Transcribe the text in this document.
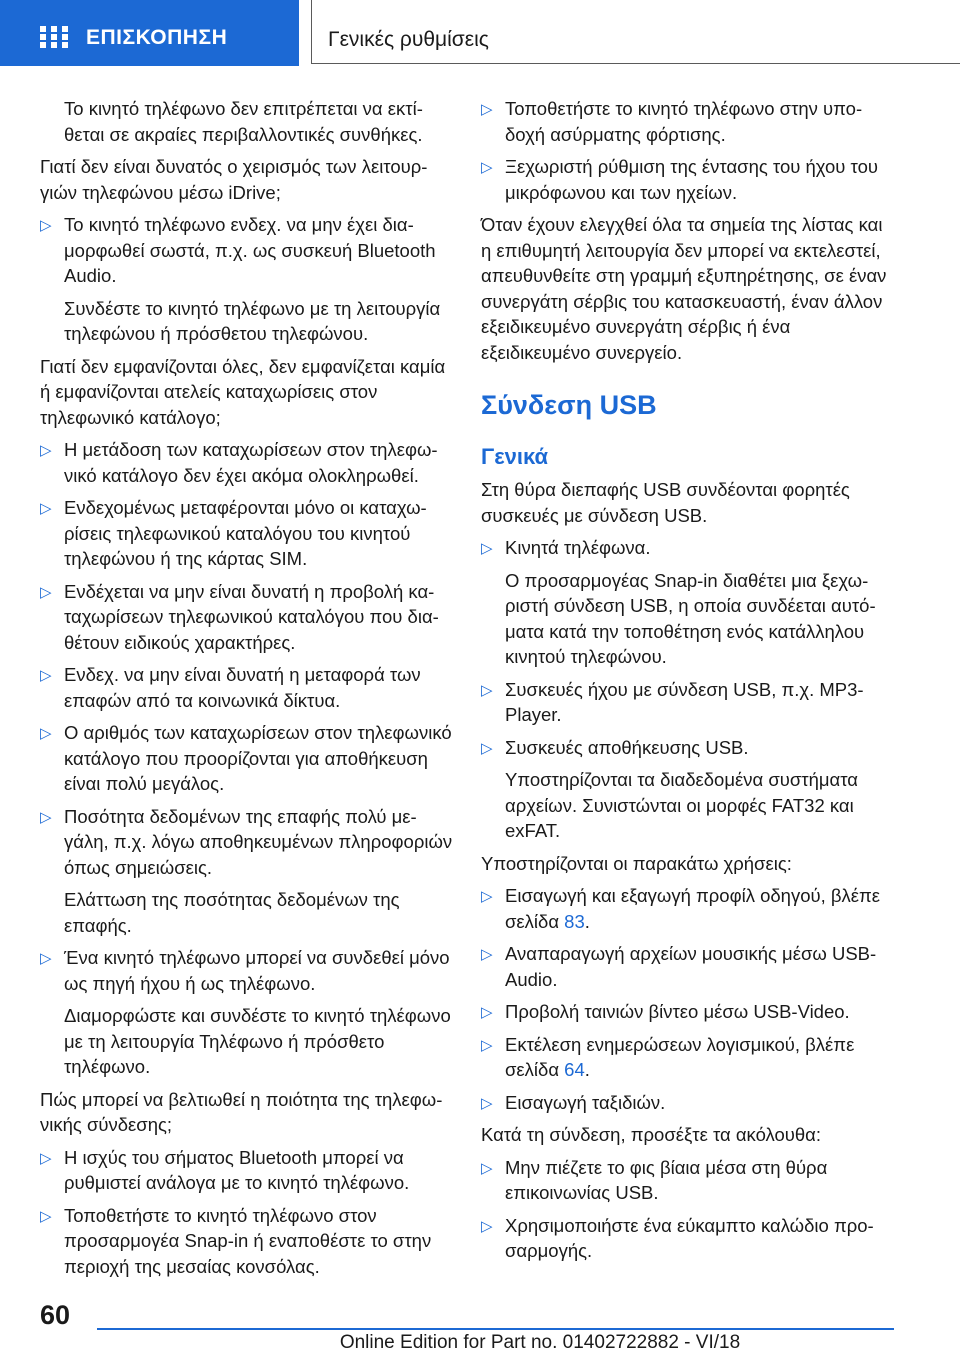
ΕΠΙΣΚΟΠΗΣΗ	Γενικές ρυθμίσεις

Το κινητό τηλέφωνο δεν επιτρέπεται να εκτίθεται σε ακραίες περιβαλλοντικές συνθήκες.

Γιατί δεν είναι δυνατός ο χειρισμός των λειτουργιών τηλεφώνου μέσω iDrive;

▷ Το κινητό τηλέφωνο ενδεχ. να μην έχει διαμορφωθεί σωστά, π.χ. ως συσκευή Bluetooth Audio.

Συνδέστε το κινητό τηλέφωνο με τη λειτουργία τηλεφώνου ή πρόσθετου τηλεφώνου.

Γιατί δεν εμφανίζονται όλες, δεν εμφανίζεται καμία ή εμφανίζονται ατελείς καταχωρίσεις στον τηλεφωνικό κατάλογο;

▷ Η μετάδοση των καταχωρίσεων στον τηλεφωνικό κατάλογο δεν έχει ακόμα ολοκληρωθεί.

▷ Ενδεχομένως μεταφέρονται μόνο οι καταχωρίσεις τηλεφωνικού καταλόγου του κινητού τηλεφώνου ή της κάρτας SIM.

▷ Ενδέχεται να μην είναι δυνατή η προβολή καταχωρίσεων τηλεφωνικού καταλόγου που διαθέτουν ειδικούς χαρακτήρες.

▷ Ενδεχ. να μην είναι δυνατή η μεταφορά των επαφών από τα κοινωνικά δίκτυα.

▷ Ο αριθμός των καταχωρίσεων στον τηλεφωνικό κατάλογο που προορίζονται για αποθήκευση είναι πολύ μεγάλος.

▷ Ποσότητα δεδομένων της επαφής πολύ μεγάλη, π.χ. λόγω αποθηκευμένων πληροφοριών όπως σημειώσεις.

Ελάττωση της ποσότητας δεδομένων της επαφής.

▷ Ένα κινητό τηλέφωνο μπορεί να συνδεθεί μόνο ως πηγή ήχου ή ως τηλέφωνο.

Διαμορφώστε και συνδέστε το κινητό τηλέφωνο με τη λειτουργία Τηλέφωνο ή πρόσθετο τηλέφωνο.

Πώς μπορεί να βελτιωθεί η ποιότητα της τηλεφωνικής σύνδεσης;

▷ Η ισχύς του σήματος Bluetooth μπορεί να ρυθμιστεί ανάλογα με το κινητό τηλέφωνο.

▷ Τοποθετήστε το κινητό τηλέφωνο στον προσαρμογέα Snap-in ή εναποθέστε το στην περιοχή της μεσαίας κονσόλας.

▷ Τοποθετήστε το κινητό τηλέφωνο στην υποδοχή ασύρματης φόρτισης.

▷ Ξεχωριστή ρύθμιση της έντασης του ήχου του μικρόφωνου και των ηχείων.

Όταν έχουν ελεγχθεί όλα τα σημεία της λίστας και η επιθυμητή λειτουργία δεν μπορεί να εκτελεστεί, απευθυνθείτε στη γραμμή εξυπηρέτησης, σε έναν συνεργάτη σέρβις του κατασκευαστή, έναν άλλον εξειδικευμένο συνεργάτη σέρβις ή ένα εξειδικευμένο συνεργείο.

Σύνδεση USB
Γενικά

Στη θύρα διεπαφής USB συνδέονται φορητές συσκευές με σύνδεση USB.

▷ Κινητά τηλέφωνα.

Ο προσαρμογέας Snap-in διαθέτει μια ξεχωριστή σύνδεση USB, η οποία συνδέεται αυτόματα κατά την τοποθέτηση ενός κατάλληλου κινητού τηλεφώνου.

▷ Συσκευές ήχου με σύνδεση USB, π.χ. MP3-Player.

▷ Συσκευές αποθήκευσης USB.

Υποστηρίζονται τα διαδεδομένα συστήματα αρχείων. Συνιστώνται οι μορφές FAT32 και exFAT.

Υποστηρίζονται οι παρακάτω χρήσεις:

▷ Εισαγωγή και εξαγωγή προφίλ οδηγού, βλέπε σελίδα 83.

▷ Αναπαραγωγή αρχείων μουσικής μέσω USB-Audio.

▷ Προβολή ταινιών βίντεο μέσω USB-Video.

▷ Εκτέλεση ενημερώσεων λογισμικού, βλέπε σελίδα 64.

▷ Εισαγωγή ταξιδιών.

Κατά τη σύνδεση, προσέξτε τα ακόλουθα:

▷ Μην πιέζετε το φις βίαια μέσα στη θύρα επικοινωνίας USB.

▷ Χρησιμοποιήστε ένα εύκαμπτο καλώδιο προσαρμογής.

60
Online Edition for Part no. 01402722882 - VI/18
